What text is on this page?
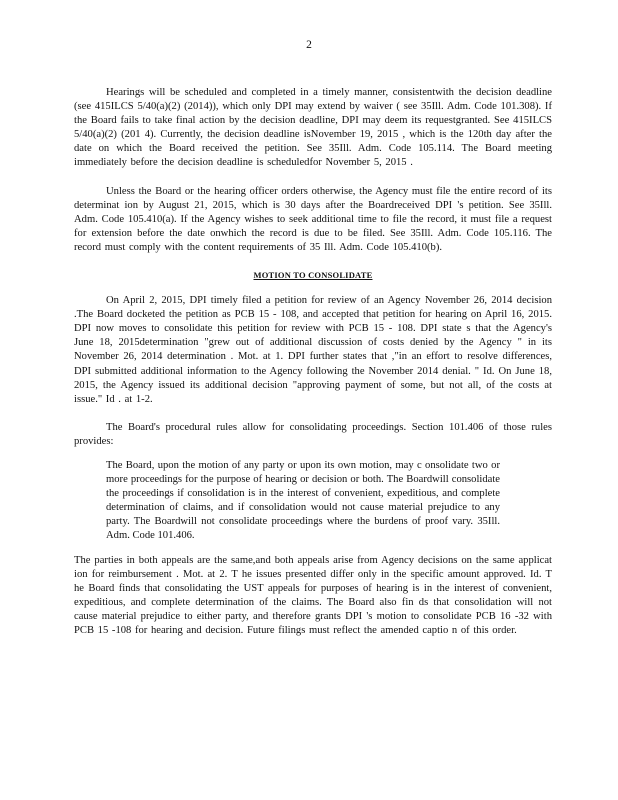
2

Hearings will be scheduled and completed in a timely manner, consistentwith the decision deadline (see 415ILCS 5/40(a)(2) (2014)), which only DPI may extend by waiver ( see 35Ill. Adm. Code 101.308). If the Board fails to take final action by the decision deadline, DPI may deem its requestgranted. See 415ILCS 5/40(a)(2) (201 4). Currently, the decision deadline isNovember 19, 2015 , which is the 120th day after the date on which the Board received the petition. See 35Ill. Adm. Code 105.114. The Board meeting immediately before the decision deadline is scheduledfor November 5, 2015 .

Unless the Board or the hearing officer orders otherwise, the Agency must file the entire record of its determinat ion by August 21, 2015, which is 30 days after the Boardreceived DPI 's petition. See 35Ill. Adm. Code 105.410(a). If the Agency wishes to seek additional time to file the record, it must file a request for extension before the date onwhich the record is due to be filed. See 35Ill. Adm. Code 105.116. The record must comply with the content requirements of 35 Ill. Adm. Code 105.410(b).

MOTION TO CONSOLIDATE

On April 2, 2015, DPI timely filed a petition for review of an Agency November 26, 2014 decision .The Board docketed the petition as PCB 15 - 108, and accepted that petition for hearing on April 16, 2015. DPI now moves to consolidate this petition for review with PCB 15 - 108. DPI state s that the Agency's June 18, 2015determination "grew out of additional discussion of costs denied by the Agency " in its November 26, 2014 determination . Mot. at 1. DPI further states that ,"in an effort to resolve differences, DPI submitted additional information to the Agency following the November 2014 denial. " Id. On June 18, 2015, the Agency issued its additional decision "approving payment of some, but not all, of the costs at issue." Id . at 1-2.

The Board's procedural rules allow for consolidating proceedings. Section 101.406 of those rules provides:

The Board, upon the motion of any party or upon its own motion, may c onsolidate two or more proceedings for the purpose of hearing or decision or both. The Boardwill consolidate the proceedings if consolidation is in the interest of convenient, expeditious, and complete determination of claims, and if consolidation would not cause material prejudice to any party. The Boardwill not consolidate proceedings where the burdens of proof vary. 35Ill. Adm. Code 101.406.

The parties in both appeals are the same,and both appeals arise from Agency decisions on the same applicat ion for reimbursement . Mot. at 2. T he issues presented differ only in the specific amount approved. Id. T he Board finds that consolidating the UST appeals for purposes of hearing is in the interest of convenient, expeditious, and complete determination of the claims. The Board also fin ds that consolidation will not cause material prejudice to either party, and therefore grants DPI 's motion to consolidate PCB 16 -32 with PCB 15 -108 for hearing and decision. Future filings must reflect the amended captio n of this order.
